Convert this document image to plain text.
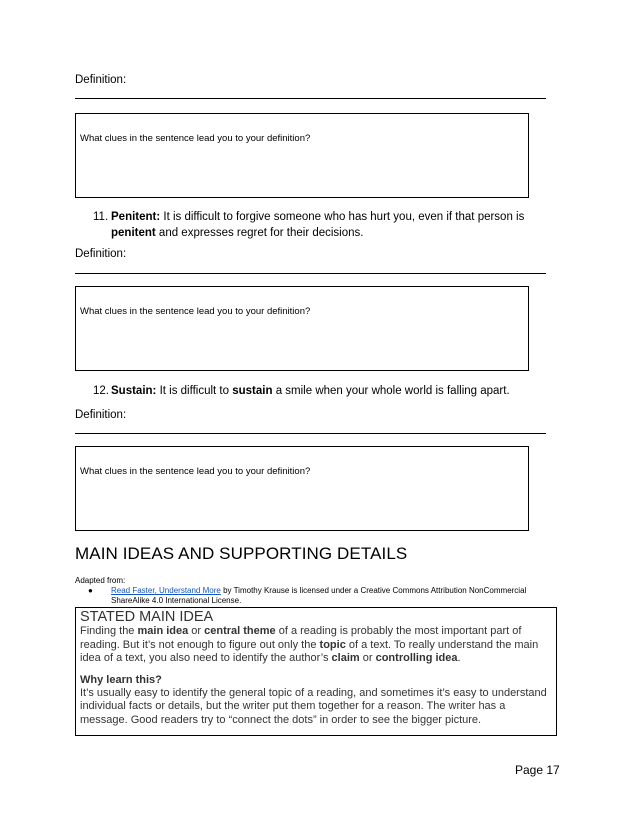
Definition:
What clues in the sentence lead you to your definition?
11. Penitent: It is difficult to forgive someone who has hurt you, even if that person is
penitent and expresses regret for their decisions.
Definition:
What clues in the sentence lead you to your definition?
12. Sustain: It is difficult to sustain a smile when your whole world is falling apart.
Definition:
What clues in the sentence lead you to your definition?
MAIN IDEAS AND SUPPORTING DETAILS
Adapted from:
● Read Faster, Understand More by Timothy Krause is licensed under a Creative Commons Attribution NonCommercial
ShareAlike 4.0 International License.
STATED MAIN IDEA

Finding the main idea or central theme of a reading is probably the most important part of reading. But it’s not enough to figure out only the topic of a text. To really understand the main idea of a text, you also need to identify the author’s claim or controlling idea.

Why learn this?

It’s usually easy to identify the general topic of a reading, and sometimes it’s easy to understand individual facts or details, but the writer put them together for a reason. The writer has a message. Good readers try to “connect the dots” in order to see the bigger picture.

Page 17
